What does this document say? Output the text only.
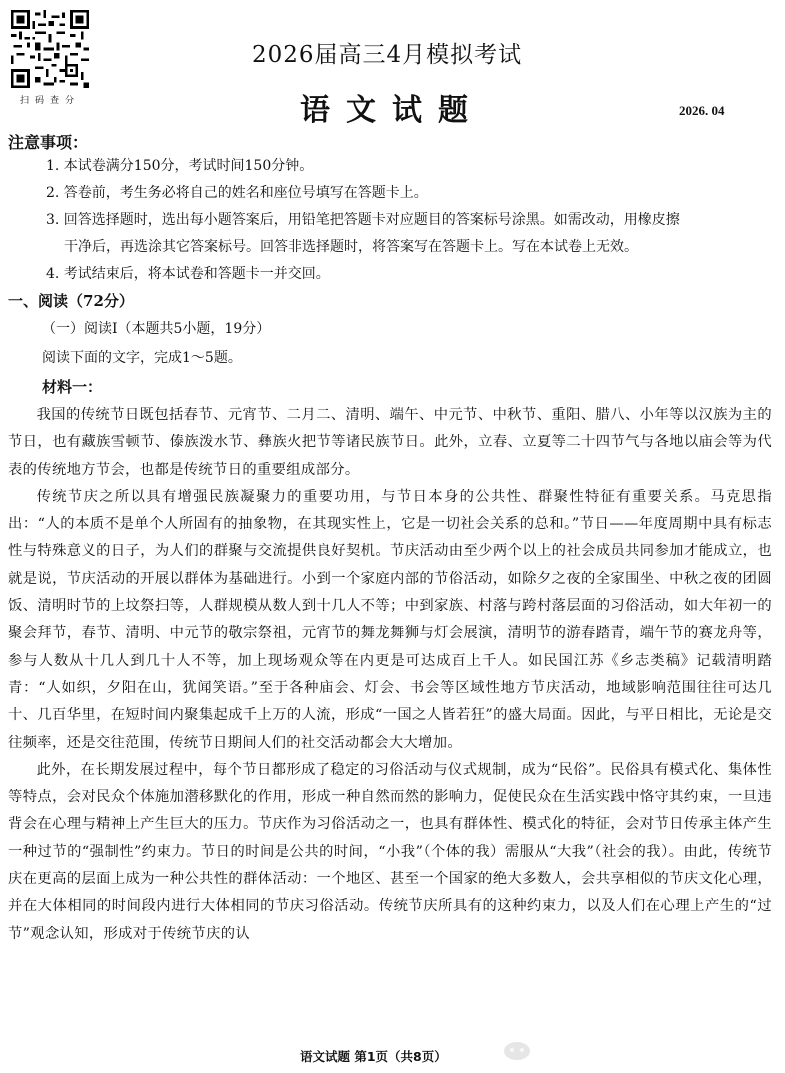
扫码查分
2026届高三4月模拟考试
语文试题	2026. 04
注意事项：
1. 本试卷满分150分，考试时间150分钟。
2. 答卷前，考生务必将自己的姓名和座位号填写在答题卡上。
3. 回答选择题时，选出每小题答案后，用铅笔把答题卡对应题目的答案标号涂黑。如需改动，用橡皮擦
干净后，再选涂其它答案标号。回答非选择题时，将答案写在答题卡上。写在本试卷上无效。
4. 考试结束后，将本试卷和答题卡一并交回。
一、阅读（72分）
（一）阅读Ⅰ（本题共5小题，19分）
阅读下面的文字，完成1～5题。
材料一：

我国的传统节日既包括春节、元宵节、二月二、清明、端午、中元节、中秋节、重阳、腊八、小年等以汉族为主的节日，也有藏族雪顿节、傣族泼水节、彝族火把节等诸民族节日。此外，立春、立夏等二十四节气与各地以庙会等为代表的传统地方节会，也都是传统节日的重要组成部分。

传统节庆之所以具有增强民族凝聚力的重要功用，与节日本身的公共性、群聚性特征有重要关系。马克思指出：“人的本质不是单个人所固有的抽象物，在其现实性上，它是一切社会关系的总和。”节日——年度周期中具有标志性与特殊意义的日子，为人们的群聚与交流提供良好契机。节庆活动由至少两个以上的社会成员共同参加才能成立，也就是说，节庆活动的开展以群体为基础进行。小到一个家庭内部的节俗活动，如除夕之夜的全家围坐、中秋之夜的团圆饭、清明时节的上坟祭扫等，人群规模从数人到十几人不等；中到家族、村落与跨村落层面的习俗活动，如大年初一的聚会拜节，春节、清明、中元节的敬宗祭祖，元宵节的舞龙舞狮与灯会展演，清明节的游春踏青，端午节的赛龙舟等，参与人数从十几人到几十人不等，加上现场观众等在内更是可达成百上千人。如民国江苏《乡志类稿》记载清明踏青：“人如织，夕阳在山，犹闻笑语。”至于各种庙会、灯会、书会等区域性地方节庆活动，地域影响范围往往可达几十、几百华里，在短时间内聚集起成千上万的人流，形成“一国之人皆若狂”的盛大局面。因此，与平日相比，无论是交往频率，还是交往范围，传统节日期间人们的社交活动都会大大增加。

此外，在长期发展过程中，每个节日都形成了稳定的习俗活动与仪式规制，成为“民俗”。民俗具有模式化、集体性等特点，会对民众个体施加潜移默化的作用，形成一种自然而然的影响力，促使民众在生活实践中恪守其约束，一旦违背会在心理与精神上产生巨大的压力。节庆作为习俗活动之一，也具有群体性、模式化的特征，会对节日传承主体产生一种过节的“强制性”约束力。节日的时间是公共的时间，“小我”（个体的我）需服从“大我”（社会的我）。由此，传统节庆在更高的层面上成为一种公共性的群体活动：一个地区、甚至一个国家的绝大多数人，会共享相似的节庆文化心理，并在大体相同的时间段内进行大体相同的节庆习俗活动。传统节庆所具有的这种约束力，以及人们在心理上产生的“过节”观念认知，形成对于传统节庆的认

语文试题 第1页（共8页）
